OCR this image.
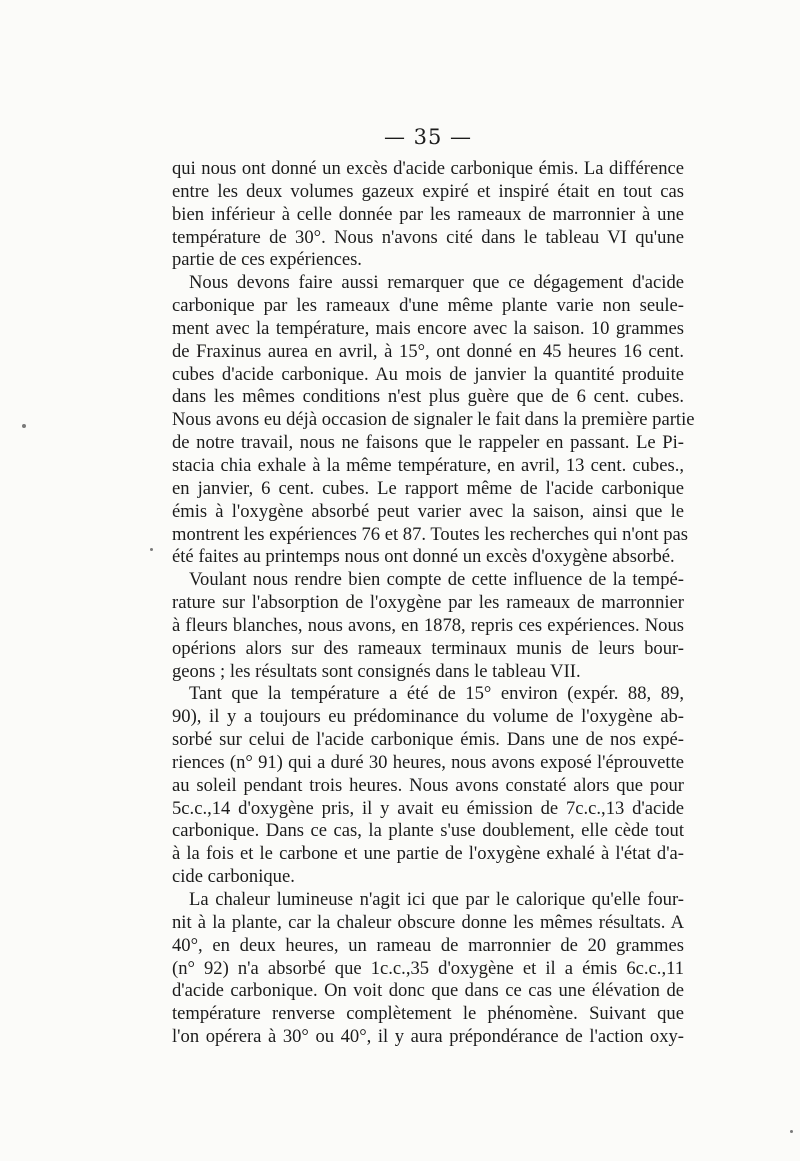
— 35 —
qui nous ont donné un excès d'acide carbonique émis. La différence
entre les deux volumes gazeux expiré et inspiré était en tout cas
bien inférieur à celle donnée par les rameaux de marronnier à une
température de 30°. Nous n'avons cité dans le tableau VI qu'une
partie de ces expériences.
Nous devons faire aussi remarquer que ce dégagement d'acide
carbonique par les rameaux d'une même plante varie non seule-
ment avec la température, mais encore avec la saison. 10 grammes
de Fraxinus aurea en avril, à 15°, ont donné en 45 heures 16 cent.
cubes d'acide carbonique. Au mois de janvier la quantité produite
dans les mêmes conditions n'est plus guère que de 6 cent. cubes.
Nous avons eu déjà occasion de signaler le fait dans la première partie
de notre travail, nous ne faisons que le rappeler en passant. Le Pi-
stacia chia exhale à la même température, en avril, 13 cent. cubes.,
en janvier, 6 cent. cubes. Le rapport même de l'acide carbonique
émis à l'oxygène absorbé peut varier avec la saison, ainsi que le
montrent les expériences 76 et 87. Toutes les recherches qui n'ont pas
été faites au printemps nous ont donné un excès d'oxygène absorbé.
Voulant nous rendre bien compte de cette influence de la tempé-
rature sur l'absorption de l'oxygène par les rameaux de marronnier
à fleurs blanches, nous avons, en 1878, repris ces expériences. Nous
opérions alors sur des rameaux terminaux munis de leurs bour-
geons ; les résultats sont consignés dans le tableau VII.
Tant que la température a été de 15° environ (expér. 88, 89,
90), il y a toujours eu prédominance du volume de l'oxygène ab-
sorbé sur celui de l'acide carbonique émis. Dans une de nos expé-
riences (n° 91) qui a duré 30 heures, nous avons exposé l'éprouvette
au soleil pendant trois heures. Nous avons constaté alors que pour
5c.c.,14 d'oxygène pris, il y avait eu émission de 7c.c.,13 d'acide
carbonique. Dans ce cas, la plante s'use doublement, elle cède tout
à la fois et le carbone et une partie de l'oxygène exhalé à l'état d'a-
cide carbonique.
La chaleur lumineuse n'agit ici que par le calorique qu'elle four-
nit à la plante, car la chaleur obscure donne les mêmes résultats. A
40°, en deux heures, un rameau de marronnier de 20 grammes
(n° 92) n'a absorbé que 1c.c.,35 d'oxygène et il a émis 6c.c.,11
d'acide carbonique. On voit donc que dans ce cas une élévation de
température renverse complètement le phénomène. Suivant que
l'on opérera à 30° ou 40°, il y aura prépondérance de l'action oxy-
